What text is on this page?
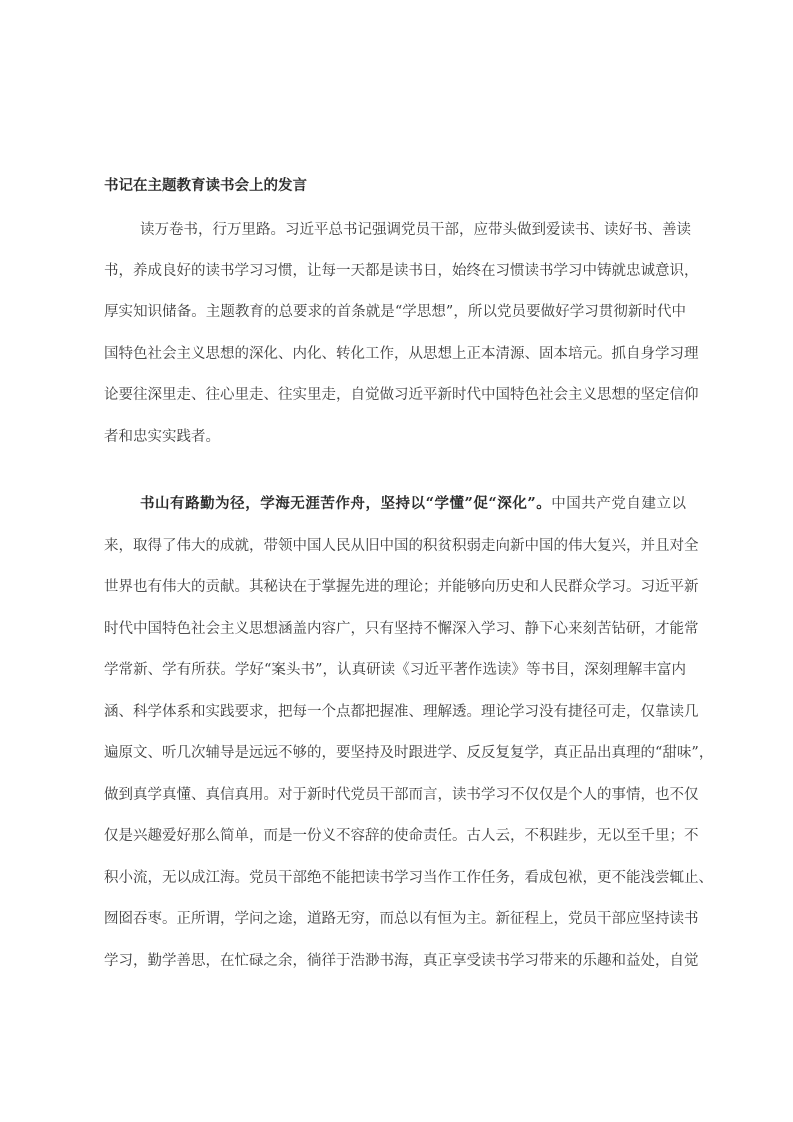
书记在主题教育读书会上的发言
读万卷书，行万里路。习近平总书记强调党员干部，应带头做到爱读书、读好书、善读
书，养成良好的读书学习习惯，让每一天都是读书日，始终在习惯读书学习中铸就忠诚意识，
厚实知识储备。主题教育的总要求的首条就是“学思想”，所以党员要做好学习贯彻新时代中
国特色社会主义思想的深化、内化、转化工作，从思想上正本清源、固本培元。抓自身学习理
论要往深里走、往心里走、往实里走，自觉做习近平新时代中国特色社会主义思想的坚定信仰
者和忠实实践者。
书山有路勤为径，学海无涯苦作舟，坚持以“学懂”促“深化”。中国共产党自建立以
来，取得了伟大的成就，带领中国人民从旧中国的积贫积弱走向新中国的伟大复兴，并且对全
世界也有伟大的贡献。其秘诀在于掌握先进的理论；并能够向历史和人民群众学习。习近平新
时代中国特色社会主义思想涵盖内容广，只有坚持不懈深入学习、静下心来刻苦钻研，才能常
学常新、学有所获。学好“案头书”，认真研读《习近平著作选读》等书目，深刻理解丰富内
涵、科学体系和实践要求，把每一个点都把握准、理解透。理论学习没有捷径可走，仅靠读几
遍原文、听几次辅导是远远不够的，要坚持及时跟进学、反反复复学，真正品出真理的“甜味”，
做到真学真懂、真信真用。对于新时代党员干部而言，读书学习不仅仅是个人的事情，也不仅
仅是兴趣爱好那么简单，而是一份义不容辞的使命责任。古人云，不积跬步，无以至千里；不
积小流，无以成江海。党员干部绝不能把读书学习当作工作任务，看成包袱，更不能浅尝辄止、
囫囵吞枣。正所谓，学问之途，道路无穷，而总以有恒为主。新征程上，党员干部应坚持读书
学习，勤学善思，在忙碌之余，徜徉于浩渺书海，真正享受读书学习带来的乐趣和益处，自觉
